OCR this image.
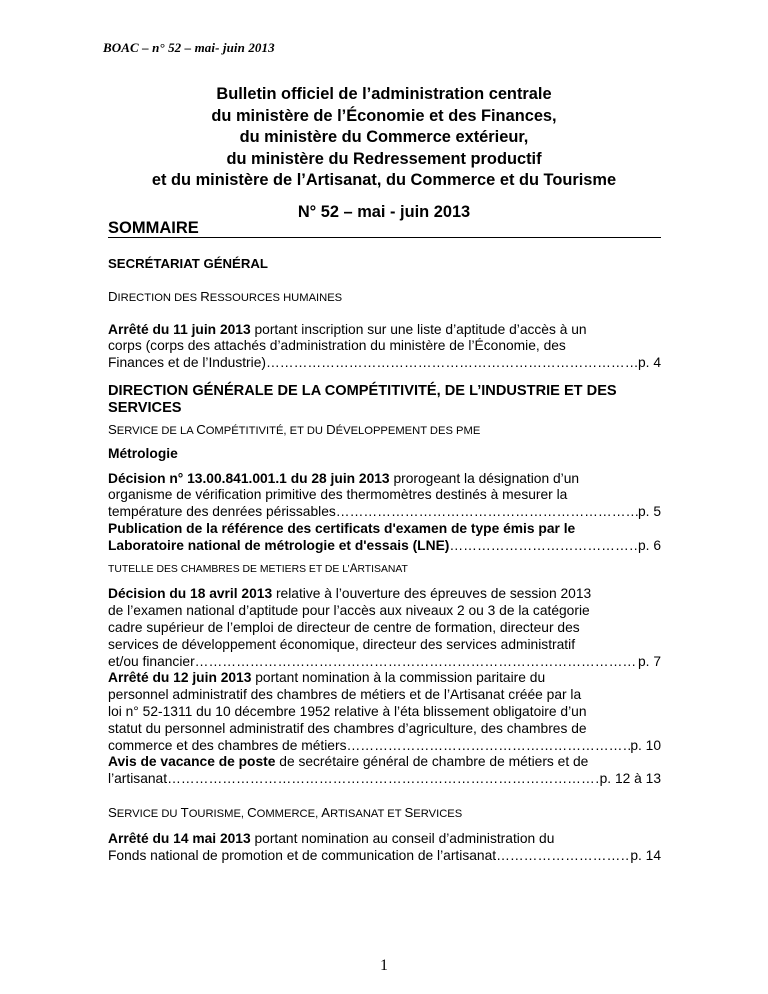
BOAC – n° 52 – mai- juin 2013
Bulletin officiel de l’administration centrale
du ministère de l’Économie et des Finances,
du ministère du Commerce extérieur,
du ministère du Redressement productif
et du ministère de l’Artisanat, du Commerce et du Tourisme
N° 52 – mai - juin 2013
SOMMAIRE
SECRÉTARIAT GÉNÉRAL
DIRECTION DES RESSOURCES HUMAINES
Arrêté du 11 juin 2013 portant inscription sur une liste d’aptitude d’accès à un
corps (corps des attachés d’administration du ministère de l’Économie, des
Finances et de l’Industrie) ……………………………………………………………………………………………………………………………………………………	p. 4
DIRECTION GÉNÉRALE DE LA COMPÉTITIVITÉ, DE L’INDUSTRIE ET DES
SERVICES
SERVICE DE LA COMPÉTITIVITÉ, ET DU DÉVELOPPEMENT DES PME
Métrologie
Décision n° 13.00.841.001.1 du 28 juin 2013 prorogeant la désignation d’un
organisme de vérification primitive des thermomètres destinés à mesurer la
température des denrées périssables ……………………………………………………………………………………………………………………………………………………	p. 5
Publication de la référence des certificats d'examen de type émis par le
Laboratoire national de métrologie et d'essais (LNE) ……………………………………………………………………………………………………………………………………………………	p. 6
TUTELLE DES CHAMBRES DE METIERS ET DE L’ARTISANAT
Décision du 18 avril 2013 relative à l’ouverture des épreuves de session 2013
de l’examen national d’aptitude pour l’accès aux niveaux 2 ou 3 de la catégorie
cadre supérieur de l’emploi de directeur de centre de formation, directeur des
services de développement économique, directeur des services administratif
et/ou financier ……………………………………………………………………………………………………………………………………………………	p. 7
Arrêté du 12 juin 2013 portant nomination à la commission paritaire du
personnel administratif des chambres de métiers et de l’Artisanat créée par la
loi n° 52-1311 du 10 décembre 1952 relative à l’éta blissement obligatoire d’un
statut du personnel administratif des chambres d’agriculture, des chambres de
commerce et des chambres de métiers ……………………………………………………………………………………………………………………………………………………	p. 10
Avis de vacance de poste de secrétaire général de chambre de métiers et de
l’artisanat ……………………………………………………………………………………………………………………………………………………	p. 12 à 13
SERVICE DU TOURISME, COMMERCE, ARTISANAT ET SERVICES
Arrêté du 14 mai 2013 portant nomination au conseil d’administration du
Fonds national de promotion et de communication de l’artisanat ……………………………………………………………………………………………………………………………………………………	p. 14
1
